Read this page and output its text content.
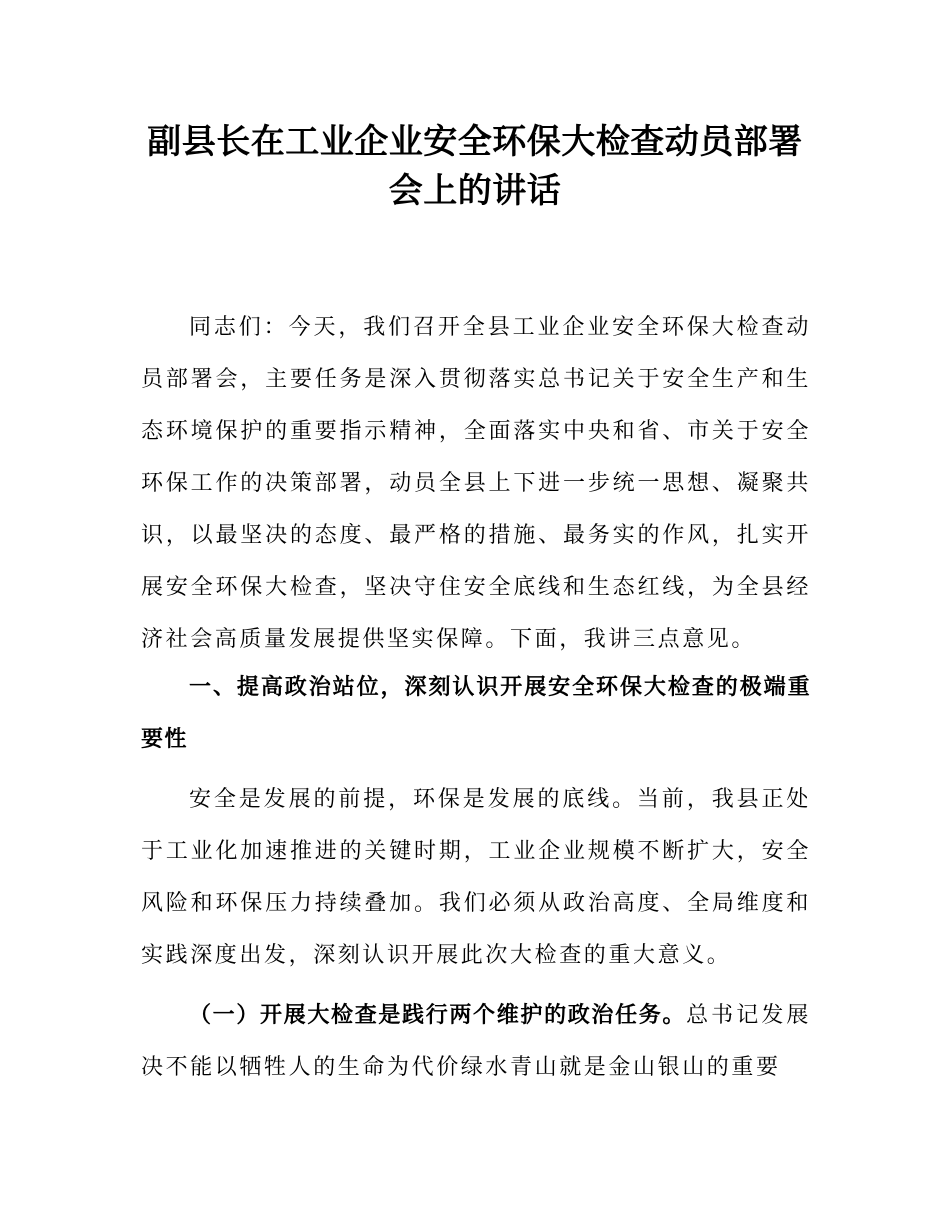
副县长在工业企业安全环保大检查动员部署
会上的讲话

同志们：今天，我们召开全县工业企业安全环保大检查动员部署会，主要任务是深入贯彻落实总书记关于安全生产和生态环境保护的重要指示精神，全面落实中央和省、市关于安全环保工作的决策部署，动员全县上下进一步统一思想、凝聚共识，以最坚决的态度、最严格的措施、最务实的作风，扎实开展安全环保大检查，坚决守住安全底线和生态红线，为全县经济社会高质量发展提供坚实保障。下面，我讲三点意见。

一、提高政治站位，深刻认识开展安全环保大检查的极端重要性

安全是发展的前提，环保是发展的底线。当前，我县正处于工业化加速推进的关键时期，工业企业规模不断扩大，安全风险和环保压力持续叠加。我们必须从政治高度、全局维度和实践深度出发，深刻认识开展此次大检查的重大意义。

（一）开展大检查是践行两个维护的政治任务。总书记发展决不能以牺牲人的生命为代价绿水青山就是金山银山的重要
